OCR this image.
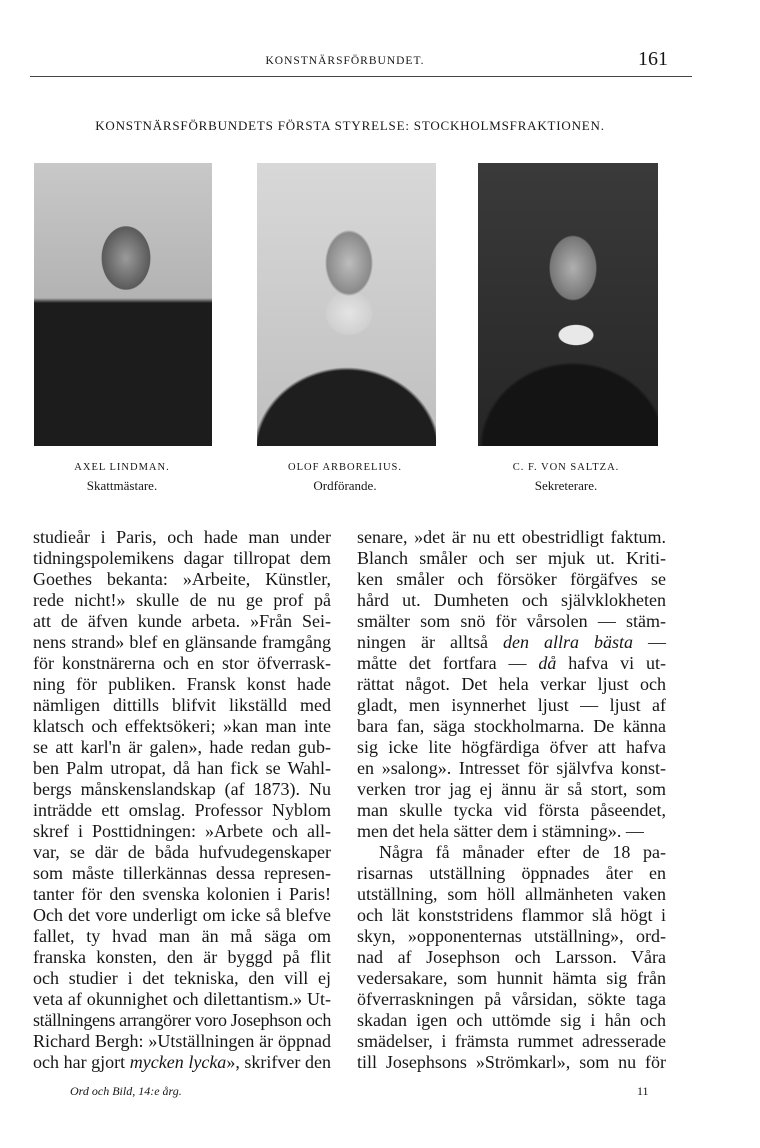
KONSTNÄRSFÖRBUNDET.	161
KONSTNÄRSFÖRBUNDETS FÖRSTA STYRELSE: STOCKHOLMSFRAKTIONEN.
AXEL LINDMAN.
Skattmästare.
OLOF ARBORELIUS.
Ordförande.
C. F. VON SALTZA.
Sekreterare.
studieår i Paris, och hade man under
tidningspolemikens dagar tillropat dem
Goethes bekanta: »Arbeite, Künstler,
rede nicht!» skulle de nu ge prof på
att de äfven kunde arbeta. »Från Sei-
nens strand» blef en glänsande framgång
för konstnärerna och en stor öfverrask-
ning för publiken. Fransk konst hade
nämligen dittills blifvit likställd med
klatsch och effektsökeri; »kan man inte
se att karl'n är galen», hade redan gub-
ben Palm utropat, då han fick se Wahl-
bergs månskenslandskap (af 1873). Nu
inträdde ett omslag. Professor Nyblom
skref i Posttidningen: »Arbete och all-
var, se där de båda hufvudegenskaper
som måste tillerkännas dessa represen-
tanter för den svenska kolonien i Paris!
Och det vore underligt om icke så blefve
fallet, ty hvad man än må säga om
franska konsten, den är byggd på flit
och studier i det tekniska, den vill ej
veta af okunnighet och dilettantism.» Ut-
ställningens arrangörer voro Josephson och
Richard Bergh: »Utställningen är öppnad
och har gjort mycken lycka», skrifver den
senare, »det är nu ett obestridligt faktum.
Blanch småler och ser mjuk ut. Kriti-
ken småler och försöker förgäfves se
hård ut. Dumheten och självklokheten
smälter som snö för vårsolen — stäm-
ningen är alltså den allra bästa —
måtte det fortfara — då hafva vi ut-
rättat något. Det hela verkar ljust och
gladt, men isynnerhet ljust — ljust af
bara fan, säga stockholmarna. De känna
sig icke lite högfärdiga öfver att hafva
en »salong». Intresset för självfva konst-
verken tror jag ej ännu är så stort, som
man skulle tycka vid första påseendet,
men det hela sätter dem i stämning». —
Några få månader efter de 18 pa-
risarnas utställning öppnades åter en
utställning, som höll allmänheten vaken
och lät konststridens flammor slå högt i
skyn, »opponenternas utställning», ord-
nad af Josephson och Larsson. Våra
vedersakare, som hunnit hämta sig från
öfverraskningen på vårsidan, sökte taga
skadan igen och uttömde sig i hån och
smädelser, i främsta rummet adresserade
till Josephsons »Strömkarl», som nu för
Ord och Bild, 14:e årg.	11
